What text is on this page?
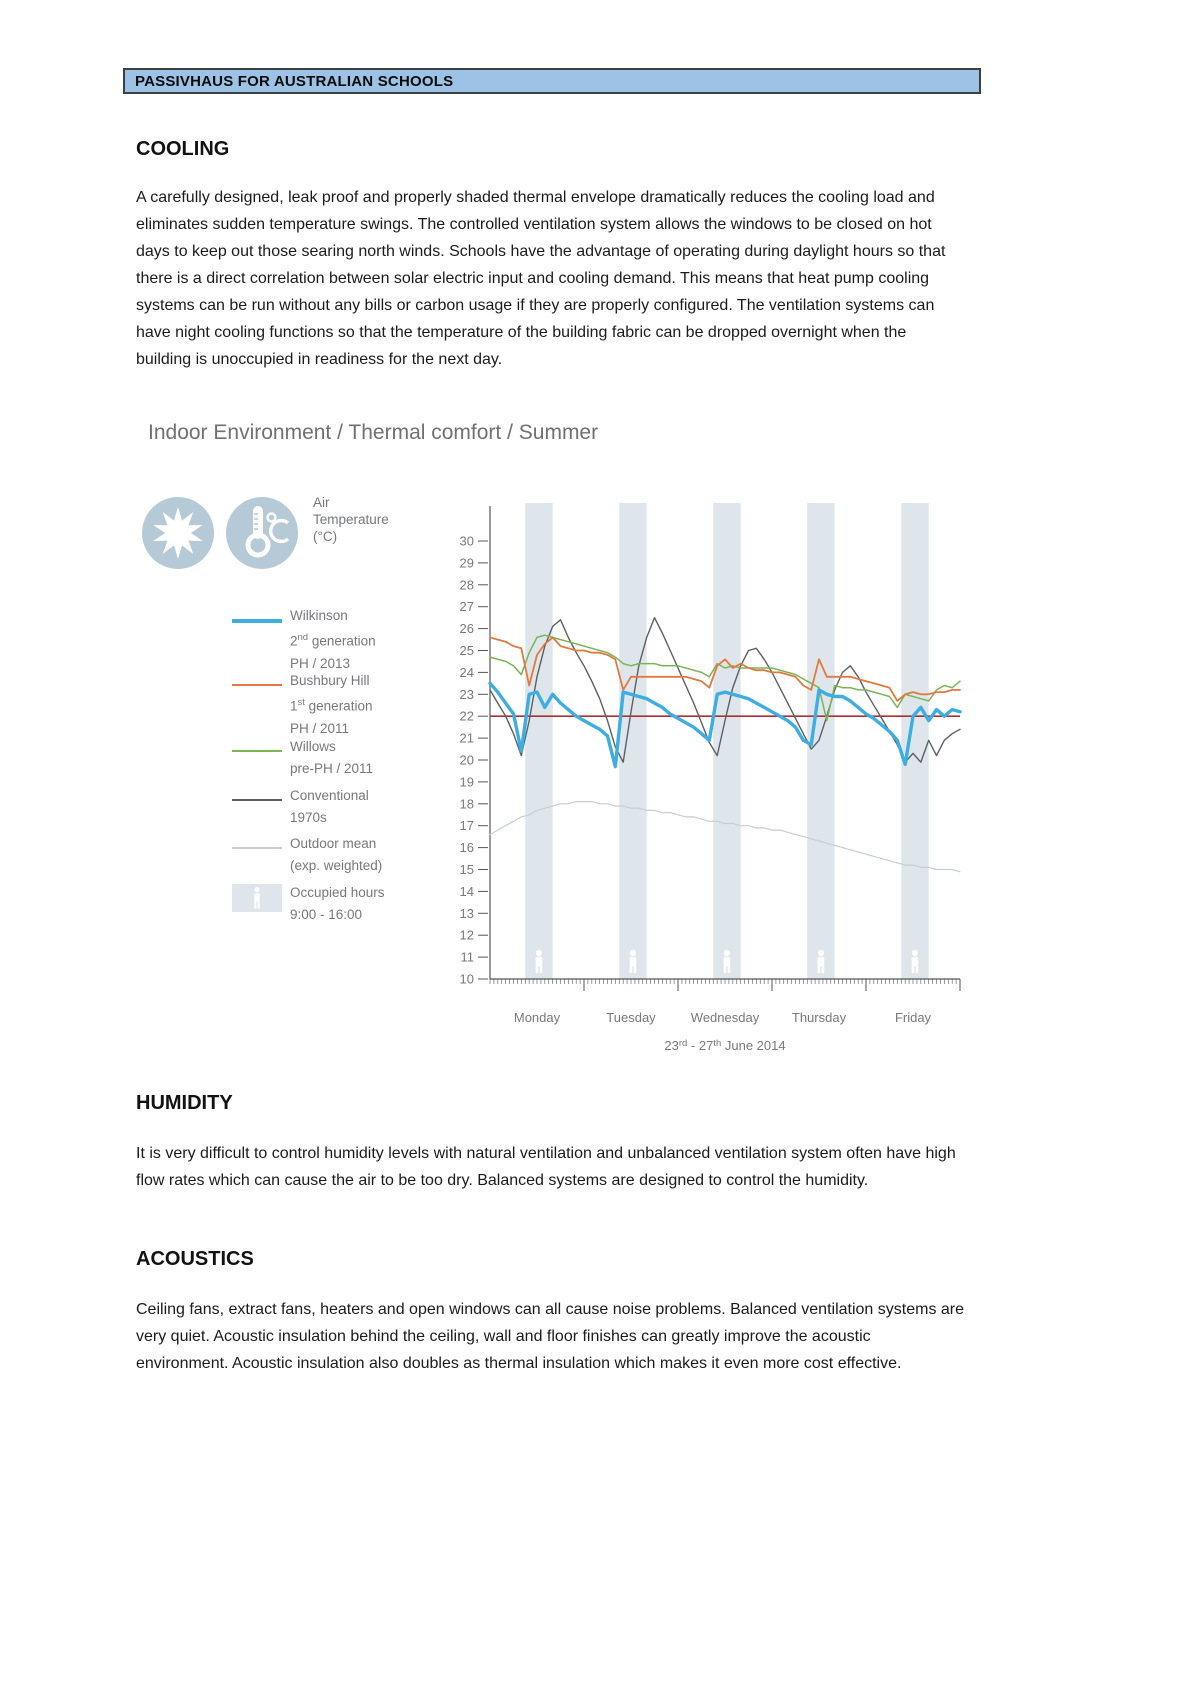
PASSIVHAUS FOR AUSTRALIAN SCHOOLS
COOLING

A carefully designed, leak proof and properly shaded thermal envelope dramatically reduces the cooling load and eliminates sudden temperature swings. The controlled ventilation system allows the windows to be closed on hot days to keep out those searing north winds. Schools have the advantage of operating during daylight hours so that there is a direct correlation between solar electric input and cooling demand. This means that heat pump cooling systems can be run without any bills or carbon usage if they are properly configured. The ventilation systems can have night cooling functions so that the temperature of the building fabric can be dropped overnight when the building is unoccupied in readiness for the next day.

Indoor Environment / Thermal comfort / Summer
Air
Temperature
(°C)
Wilkinson
2nd generation
PH / 2013
Bushbury Hill
1st generation
PH / 2011
Willows
pre-PH / 2011
Conventional
1970s
Outdoor mean
(exp. weighted)
Occupied hours
9:00 - 16:00
Monday	Tuesday	Wednesday	Thursday	Friday
10
11
12
13
14
15
16
17
18
19
20
21
22
23
24
25
26
27
28
29
30
23rd - 27th June 2014
HUMIDITY

It is very difficult to control humidity levels with natural ventilation and unbalanced ventilation system often have high flow rates which can cause the air to be too dry. Balanced systems are designed to control the humidity.

ACOUSTICS

Ceiling fans, extract fans, heaters and open windows can all cause noise problems. Balanced ventilation systems are very quiet. Acoustic insulation behind the ceiling, wall and floor finishes can greatly improve the acoustic environment. Acoustic insulation also doubles as thermal insulation which makes it even more cost effective.
